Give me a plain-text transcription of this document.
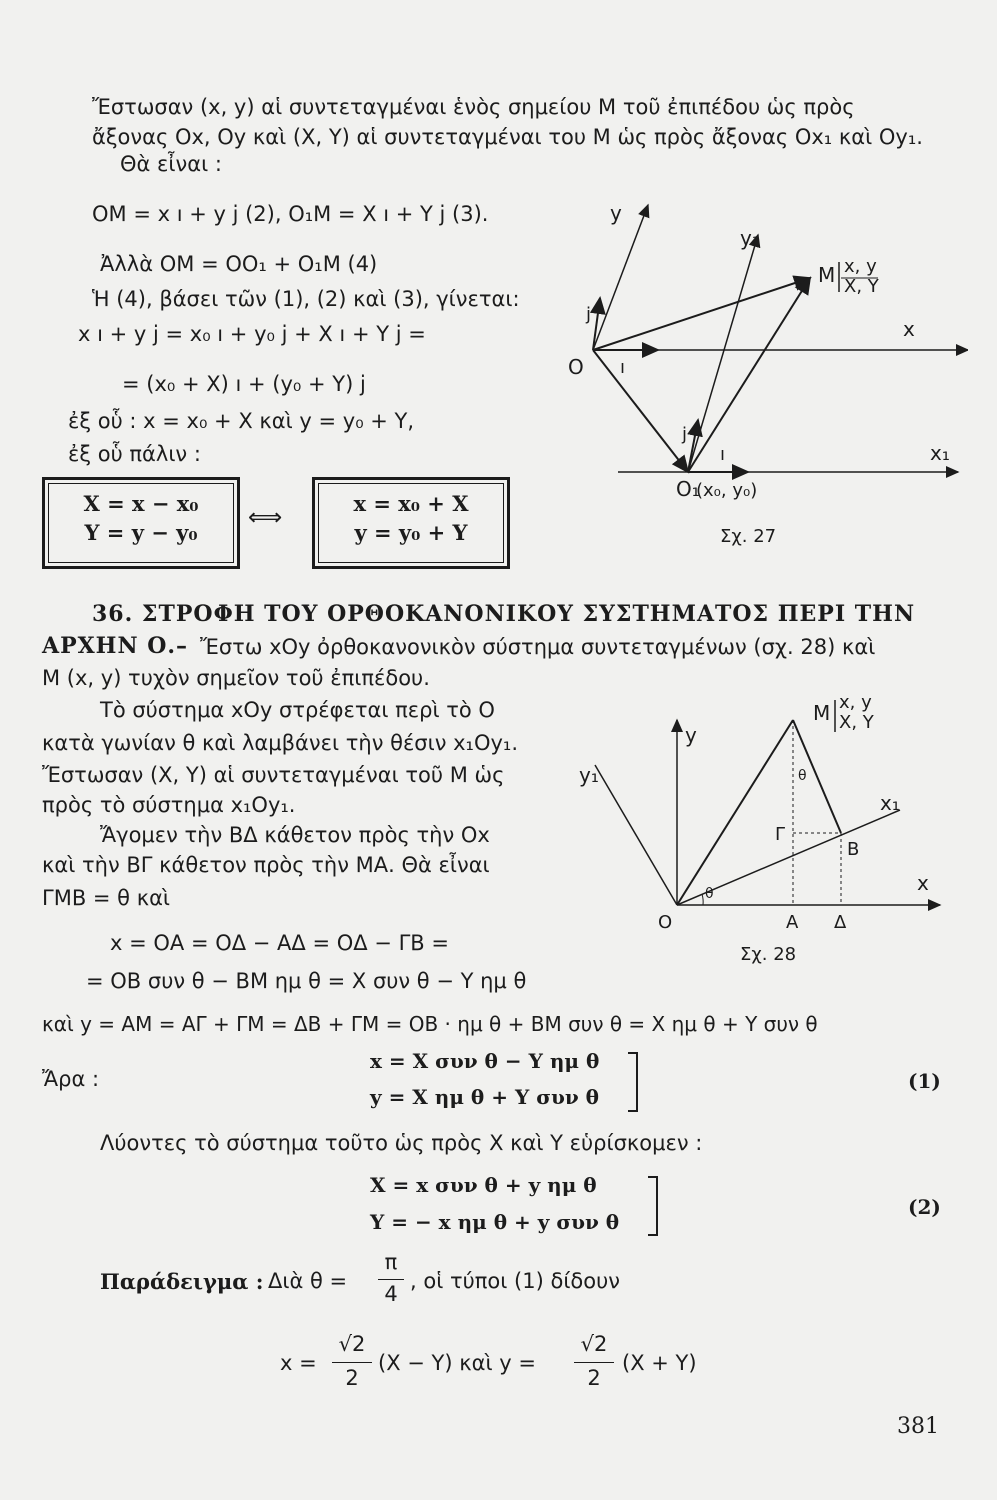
Ἔστωσαν (x, y) αἱ συντεταγμέναι ἑνὸς σημείου Μ τοῦ ἐπιπέδου ὡς πρὸς
ἄξονας Οx, Οy καὶ (Χ, Υ) αἱ συντεταγμέναι του Μ ὡς πρὸς ἄξονας Οx₁ καὶ Οy₁.
Θὰ εἶναι :
ΟΜ = x ı + y j (2), Ο₁Μ = Χ ı + Υ j (3).
Ἀλλὰ ΟΜ = ΟΟ₁ + Ο₁Μ (4)
Ἡ (4), βάσει τῶν (1), (2) καὶ (3), γίνεται:
x ı + y j = x₀ ı + y₀ j + Χ ı + Υ j =
= (x₀ + Χ) ı + (y₀ + Υ) j
ἐξ οὗ : x = x₀ + Χ καὶ y = y₀ + Υ,
ἐξ οὗ πάλιν :
X = x − x₀
Y = y − y₀
⟺	x = x₀ + X
y = y₀ + Y
y
y₁
M x, y
X, Y
x
x₁
j
ı
j
ı
O
O₁
(x₀, y₀)
Σχ. 27
36. ΣΤΡΟΦΗ ΤΟΥ ΟΡΘΟΚΑΝΟΝΙΚΟΥ ΣΥΣΤΗΜΑΤΟΣ ΠΕΡΙ ΤΗΝ
ΑΡΧΗΝ Ο.– Ἔστω xOy ὀρθοκανονικὸν σύστημα συντεταγμένων (σχ. 28) καὶ
Μ (x, y) τυχὸν σημεῖον τοῦ ἐπιπέδου.
Τὸ σύστημα xOy στρέφεται περὶ τὸ Ο
κατὰ γωνίαν θ καὶ λαμβάνει τὴν θέσιν x₁Oy₁.
Ἔστωσαν (Χ, Υ) αἱ συντεταγμέναι τοῦ Μ ὡς
πρὸς τὸ σύστημα x₁Oy₁.
Ἄγομεν τὴν ΒΔ κάθετον πρὸς τὴν Οx
καὶ τὴν ΒΓ κάθετον πρὸς τὴν ΜΑ. Θὰ εἶναι
ΓΜΒ = θ καὶ
x = ΟΑ = ΟΔ − ΑΔ = ΟΔ − ΓΒ =
= ΟΒ συν θ − ΒΜ ημ θ = Χ συν θ − Υ ημ θ
καὶ y = ΑΜ = ΑΓ + ΓΜ = ΔΒ + ΓΜ = ΟΒ · ημ θ + ΒΜ συν θ = Χ ημ θ + Υ συν θ
M x, y
X, Y
y
y₁
x₁
x
Γ
B
O	A Δ
θ
θ
Σχ. 28
Ἄρα :
x = X συν θ − Y ημ θ
y = X ημ θ + Y συν θ
(1)
Λύοντες τὸ σύστημα τοῦτο ὡς πρὸς Χ καὶ Υ εὑρίσκομεν :
X = x συν θ + y ημ θ
Y = − x ημ θ + y συν θ
(2)
Παράδειγμα : Διὰ θ =
π
4
, οἱ τύποι (1) δίδουν
x =
√2
2
(Χ − Υ) καὶ y =
√2
2
(Χ + Υ)
381
